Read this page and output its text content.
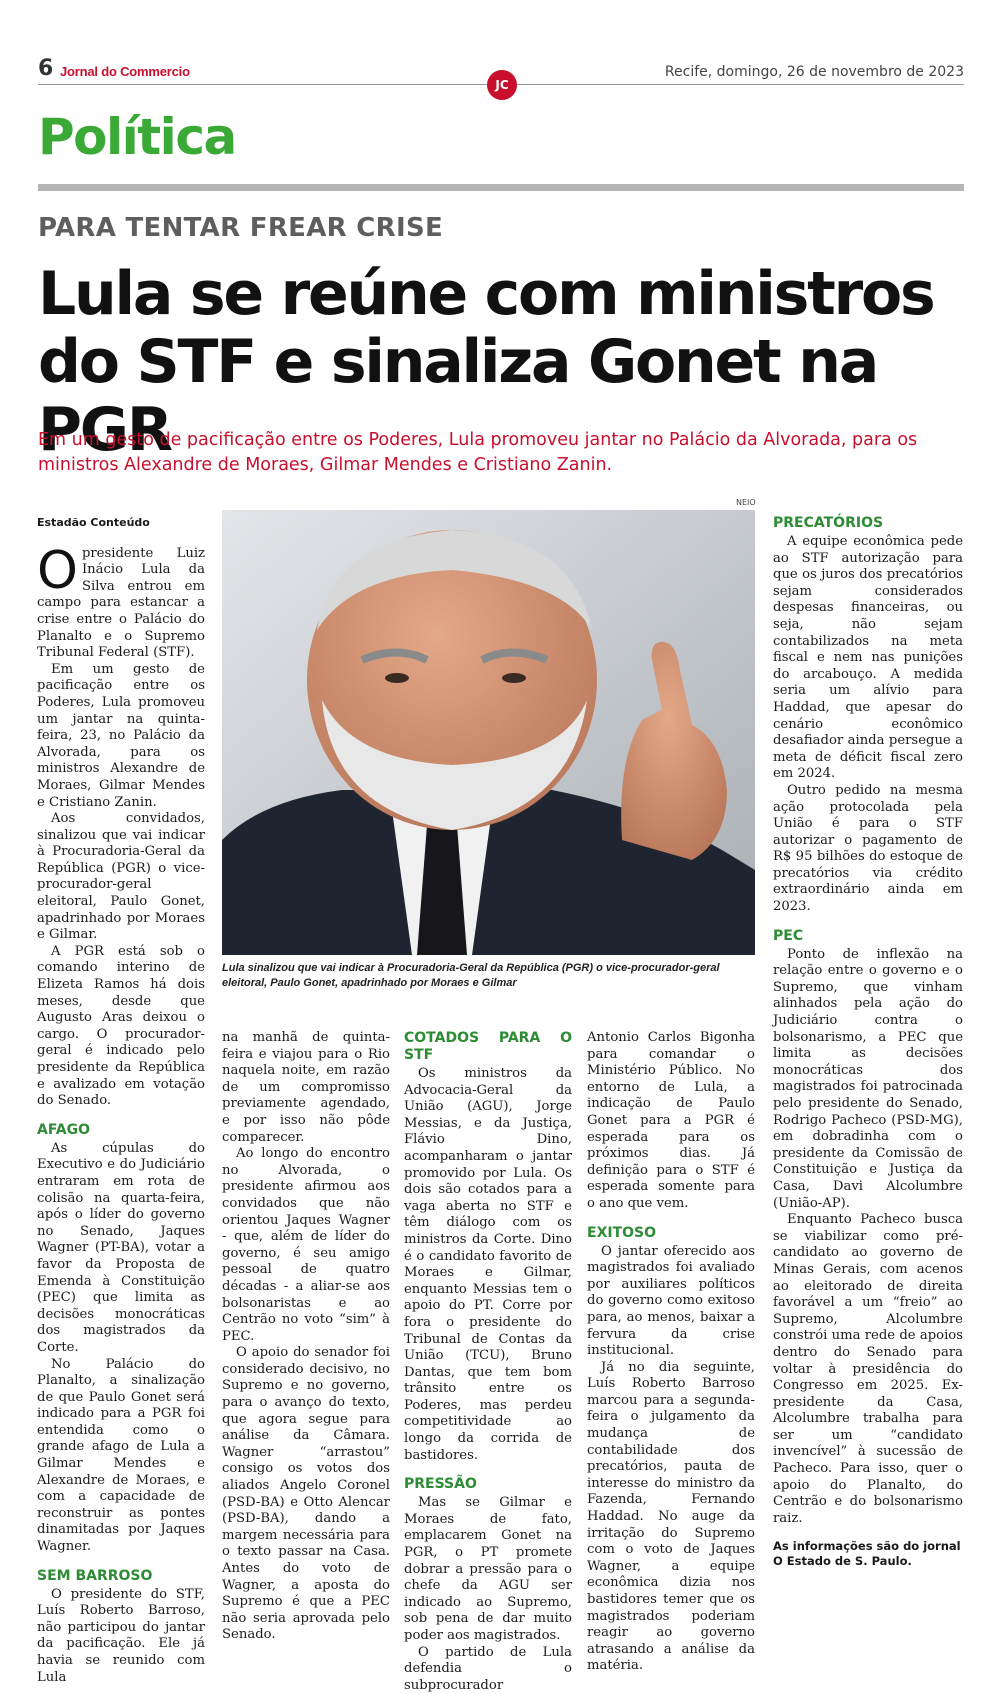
6 Jornal do Commercio	Recife, domingo, 26 de novembro de 2023
JC
Política
PARA TENTAR FREAR CRISE
Lula se reúne com ministros do STF e sinaliza Gonet na PGR
Em um gesto de pacificação entre os Poderes, Lula promoveu jantar no Palácio da Alvorada, para os ministros Alexandre de Moraes, Gilmar Mendes e Cristiano Zanin.
Estadão Conteúdo

Opresidente Luiz Inácio Lula da Silva entrou em campo para estancar a crise entre o Palácio do Planalto e o Supremo Tribunal Federal (STF).

Em um gesto de pacificação entre os Poderes, Lula promoveu um jantar na quinta-feira, 23, no Palácio da Alvorada, para os ministros Alexandre de Moraes, Gilmar Mendes e Cristiano Zanin.

Aos convidados, sinalizou que vai indicar à Procuradoria-Geral da República (PGR) o vice-procurador-geral eleitoral, Paulo Gonet, apadrinhado por Moraes e Gilmar.

A PGR está sob o comando interino de Elizeta Ramos há dois meses, desde que Augusto Aras deixou o cargo. O procurador-geral é indicado pelo presidente da República e avalizado em votação do Senado.

AFAGO

As cúpulas do Executivo e do Judiciário entraram em rota de colisão na quarta-feira, após o líder do governo no Senado, Jaques Wagner (PT-BA), votar a favor da Proposta de Emenda à Constituição (PEC) que limita as decisões monocráticas dos magistrados da Corte.

No Palácio do Planalto, a sinalização de que Paulo Gonet será indicado para a PGR foi entendida como o grande afago de Lula a Gilmar Mendes e Alexandre de Moraes, e com a capacidade de reconstruir as pontes dinamitadas por Jaques Wagner.

SEM BARROSO

O presidente do STF, Luís Roberto Barroso, não participou do jantar da pacificação. Ele já havia se reunido com Lula

NEIO
Lula sinalizou que vai indicar à Procuradoria-Geral da República (PGR) o vice-procurador-geral eleitoral, Paulo Gonet, apadrinhado por Moraes e Gilmar

na manhã de quinta-feira e viajou para o Rio naquela noite, em razão de um compromisso previamente agendado, e por isso não pôde comparecer.

Ao longo do encontro no Alvorada, o presidente afirmou aos convidados que não orientou Jaques Wagner - que, além de líder do governo, é seu amigo pessoal de quatro décadas - a aliar-se aos bolsonaristas e ao Centrão no voto “sim” à PEC.

O apoio do senador foi considerado decisivo, no Supremo e no governo, para o avanço do texto, que agora segue para análise da Câmara. Wagner “arrastou” consigo os votos dos aliados Angelo Coronel (PSD-BA) e Otto Alencar (PSD-BA), dando a margem necessária para o texto passar na Casa. Antes do voto de Wagner, a aposta do Supremo é que a PEC não seria aprovada pelo Senado.

COTADOS PARA O STF

Os ministros da Advocacia-Geral da União (AGU), Jorge Messias, e da Justiça, Flávio Dino, acompanharam o jantar promovido por Lula. Os dois são cotados para a vaga aberta no STF e têm diálogo com os ministros da Corte. Dino é o candidato favorito de Moraes e Gilmar, enquanto Messias tem o apoio do PT. Corre por fora o presidente do Tribunal de Contas da União (TCU), Bruno Dantas, que tem bom trânsito entre os Poderes, mas perdeu competitividade ao longo da corrida de bastidores.

PRESSÃO

Mas se Gilmar e Moraes de fato, emplacarem Gonet na PGR, o PT promete dobrar a pressão para o chefe da AGU ser indicado ao Supremo, sob pena de dar muito poder aos magistrados.

O partido de Lula defendia o subprocurador

Antonio Carlos Bigonha para comandar o Ministério Público. No entorno de Lula, a indicação de Paulo Gonet para a PGR é esperada para os próximos dias. Já definição para o STF é esperada somente para o ano que vem.

EXITOSO

O jantar oferecido aos magistrados foi avaliado por auxiliares políticos do governo como exitoso para, ao menos, baixar a fervura da crise institucional.

Já no dia seguinte, Luís Roberto Barroso marcou para a segunda-feira o julgamento da mudança de contabilidade dos precatórios, pauta de interesse do ministro da Fazenda, Fernando Haddad. No auge da irritação do Supremo com o voto de Jaques Wagner, a equipe econômica dizia nos bastidores temer que os magistrados poderiam reagir ao governo atrasando a análise da matéria.

PRECATÓRIOS

A equipe econômica pede ao STF autorização para que os juros dos precatórios sejam considerados despesas financeiras, ou seja, não sejam contabilizados na meta fiscal e nem nas punições do arcabouço. A medida seria um alívio para Haddad, que apesar do cenário econômico desafiador ainda persegue a meta de déficit fiscal zero em 2024.

Outro pedido na mesma ação protocolada pela União é para o STF autorizar o pagamento de R$ 95 bilhões do estoque de precatórios via crédito extraordinário ainda em 2023.

PEC

Ponto de inflexão na relação entre o governo e o Supremo, que vinham alinhados pela ação do Judiciário contra o bolsonarismo, a PEC que limita as decisões monocráticas dos magistrados foi patrocinada pelo presidente do Senado, Rodrigo Pacheco (PSD-MG), em dobradinha com o presidente da Comissão de Constituição e Justiça da Casa, Davi Alcolumbre (União-AP).

Enquanto Pacheco busca se viabilizar como pré-candidato ao governo de Minas Gerais, com acenos ao eleitorado de direita favorável a um “freio” ao Supremo, Alcolumbre constrói uma rede de apoios dentro do Senado para voltar à presidência do Congresso em 2025. Ex-presidente da Casa, Alcolumbre trabalha para ser um “candidato invencível” à sucessão de Pacheco. Para isso, quer o apoio do Planalto, do Centrão e do bolsonarismo raiz.

As informações são do jornal O Estado de S. Paulo.
